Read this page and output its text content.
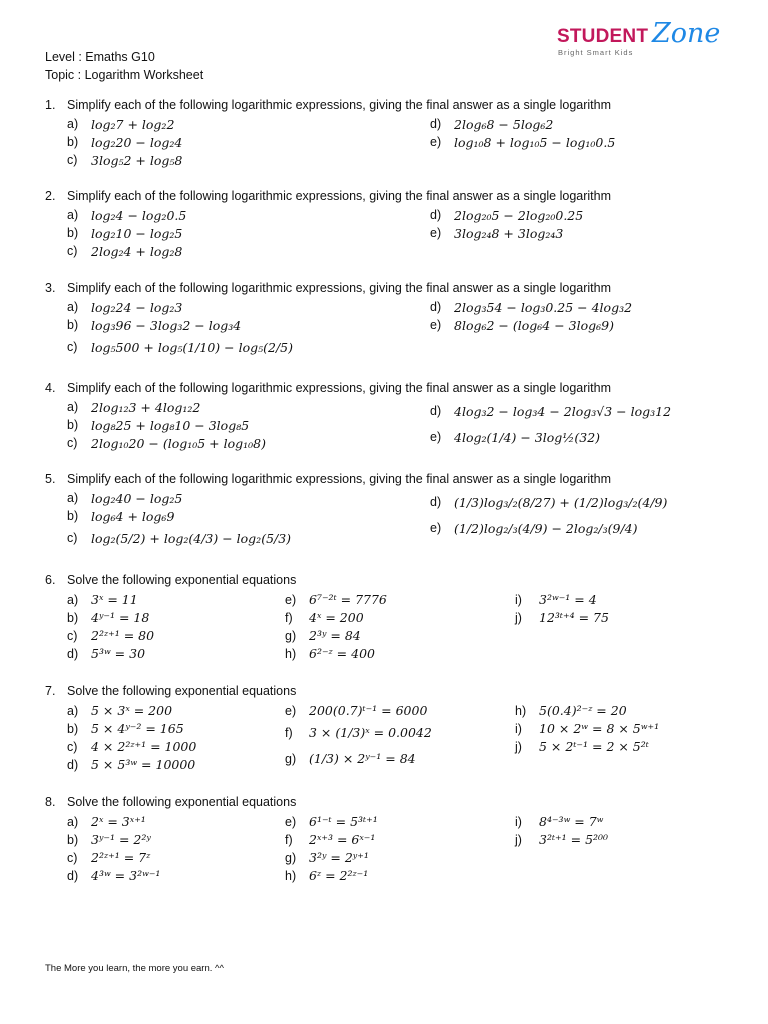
STUDENT Zone
Bright Smart Kids
Level : Emaths G10
Topic : Logarithm Worksheet
1. Simplify each of the following logarithmic expressions, giving the final answer as a single logarithm
a)	log₂7 + log₂2
b)	log₂20 − log₂4
c)	3log₅2 + log₅8
d)	2log₆8 − 5log₆2
e)	log₁₀8 + log₁₀5 − log₁₀0.5
2. Simplify each of the following logarithmic expressions, giving the final answer as a single logarithm
a)	log₂4 − log₂0.5
b)	log₂10 − log₂5
c)	2log₂4 + log₂8
d)	2log₂₀5 − 2log₂₀0.25
e)	3log₂₄8 + 3log₂₄3
3. Simplify each of the following logarithmic expressions, giving the final answer as a single logarithm
a)	log₂24 − log₂3
b)	log₃96 − 3log₃2 − log₃4
c)	log₅500 + log₅(1/10) − log₅(2/5)
d)	2log₃54 − log₃0.25 − 4log₃2
e)	8log₆2 − (log₆4 − 3log₆9)
4. Simplify each of the following logarithmic expressions, giving the final answer as a single logarithm
a)	2log₁₂3 + 4log₁₂2
b)	log₈25 + log₈10 − 3log₈5
c)	2log₁₀20 − (log₁₀5 + log₁₀8)
d)	4log₃2 − log₃4 − 2log₃√3 − log₃12
e)	4log₂(1/4) − 3log½(32)
5. Simplify each of the following logarithmic expressions, giving the final answer as a single logarithm
a)	log₂40 − log₂5
b)	log₆4 + log₆9
c)	log₂(5/2) + log₂(4/3) − log₂(5/3)
d)	(1/3)log₃/₂(8/27) + (1/2)log₃/₂(4/9)
e)	(1/2)log₂/₃(4/9) − 2log₂/₃(9/4)
6. Solve the following exponential equations
a)	3ˣ = 11
b)	4ʸ⁻¹ = 18
c)	2²ᶻ⁺¹ = 80
d)	5³ʷ = 30
e)	6⁷⁻²ᵗ = 7776
f)	4ˣ = 200
g)	2³ʸ = 84
h)	6²⁻ᶻ = 400
i)	3²ʷ⁻¹ = 4
j)	12³ᵗ⁺⁴ = 75
7. Solve the following exponential equations
a)	5 × 3ˣ = 200
b)	5 × 4ʸ⁻² = 165
c)	4 × 2²ᶻ⁺¹ = 1000
d)	5 × 5³ʷ = 10000
e)	200(0.7)ᵗ⁻¹ = 6000
f)	3 × (1/3)ˣ = 0.0042
g)	(1/3) × 2ʸ⁻¹ = 84
h)	5(0.4)²⁻ᶻ = 20
i)	10 × 2ʷ = 8 × 5ʷ⁺¹
j)	5 × 2ᵗ⁻¹ = 2 × 5²ᵗ
8. Solve the following exponential equations
a)	2ˣ = 3ˣ⁺¹
b)	3ʸ⁻¹ = 2²ʸ
c)	2²ᶻ⁺¹ = 7ᶻ
d)	4³ʷ = 3²ʷ⁻¹
e)	6¹⁻ᵗ = 5³ᵗ⁺¹
f)	2ˣ⁺³ = 6ˣ⁻¹
g)	3²ʸ = 2ʸ⁺¹
h)	6ᶻ = 2²ᶻ⁻¹
i)	8⁴⁻³ʷ = 7ʷ
j)	3²ᵗ⁺¹ = 5²⁰⁰
The More you learn, the more you earn. ^^
